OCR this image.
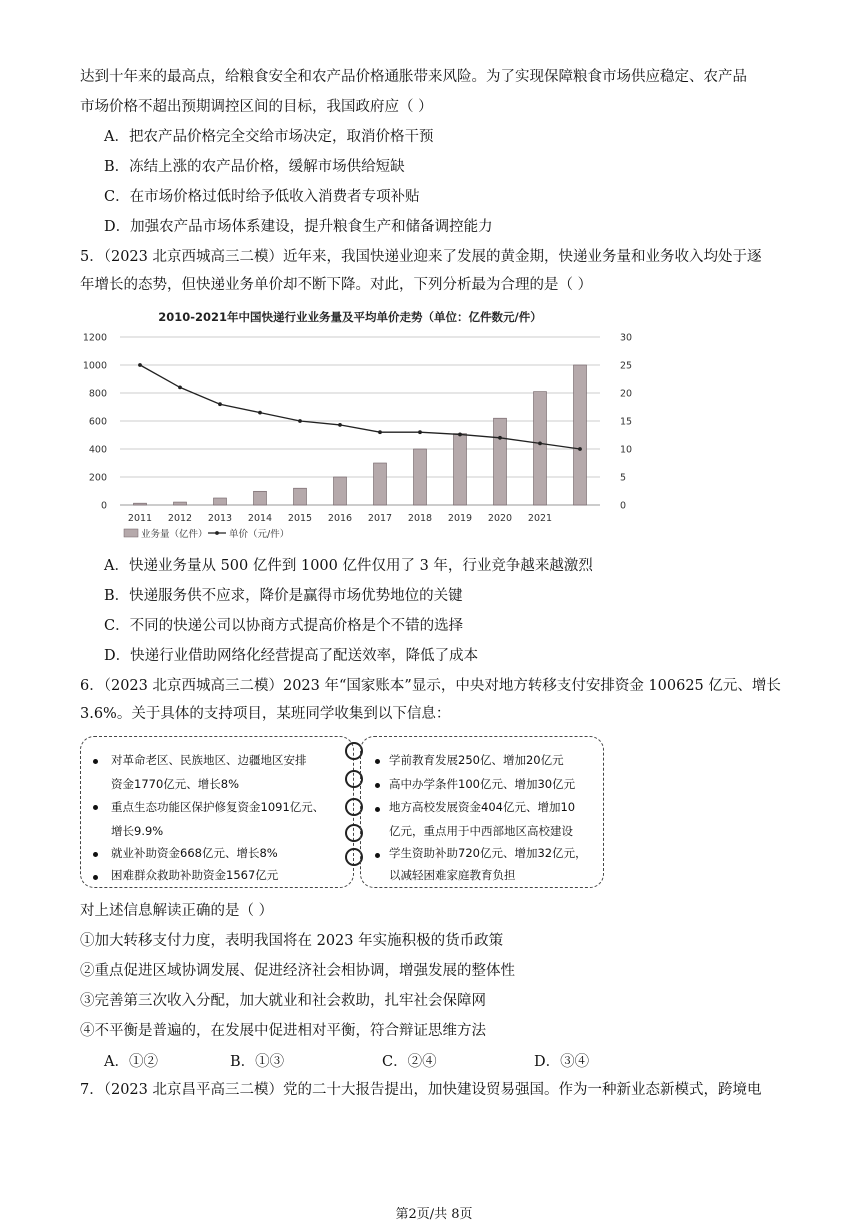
达到十年来的最高点，给粮食安全和农产品价格通胀带来风险。为了实现保障粮食市场供应稳定、农产品
市场价格不超出预期调控区间的目标，我国政府应（ ）
A．把农产品价格完全交给市场决定，取消价格干预
B．冻结上涨的农产品价格，缓解市场供给短缺
C．在市场价格过低时给予低收入消费者专项补贴
D．加强农产品市场体系建设，提升粮食生产和储备调控能力
5．（2023 北京西城高三二模）近年来，我国快递业迎来了发展的黄金期，快递业务量和业务收入均处于逐
年增长的态势，但快递业务单价却不断下降。对此，下列分析最为合理的是（ ）
2010-2021年中国快递行业业务量及平均单价走势（单位：亿件数元/件）
0
200
400
600
800
1000
1200
0
5
10
15
20
25
30
2011 2012 2013 2014 2015 2016 2017 2018 2019 2020 2021
业务量（亿件） 单价（元/件）
A．快递业务量从 500 亿件到 1000 亿件仅用了 3 年，行业竞争越来越激烈
B．快递服务供不应求，降价是赢得市场优势地位的关键
C．不同的快递公司以协商方式提高价格是个不错的选择
D．快递行业借助网络化经营提高了配送效率，降低了成本
6．（2023 北京西城高三二模）2023 年“国家账本”显示，中央对地方转移支付安排资金 100625 亿元、增长
3.6%。关于具体的支持项目，某班同学收集到以下信息：
对革命老区、民族地区、边疆地区安排
资金1770亿元、增长8%
重点生态功能区保护修复资金1091亿元、
增长9.9%
就业补助资金668亿元、增长8%
困难群众救助补助资金1567亿元
学前教育发展250亿、增加20亿元
高中办学条件100亿元、增加30亿元
地方高校发展资金404亿元、增加10
亿元，重点用于中西部地区高校建设
学生资助补助720亿元、增加32亿元，
以减轻困难家庭教育负担
对上述信息解读正确的是（ ）
①加大转移支付力度，表明我国将在 2023 年实施积极的货币政策
②重点促进区域协调发展、促进经济社会相协调，增强发展的整体性
③完善第三次收入分配，加大就业和社会救助，扎牢社会保障网
④不平衡是普遍的，在发展中促进相对平衡，符合辩证思维方法
A．①②	B．①③	C．②④	D．③④
7．（2023 北京昌平高三二模）党的二十大报告提出，加快建设贸易强国。作为一种新业态新模式，跨境电
第2页/共 8页
